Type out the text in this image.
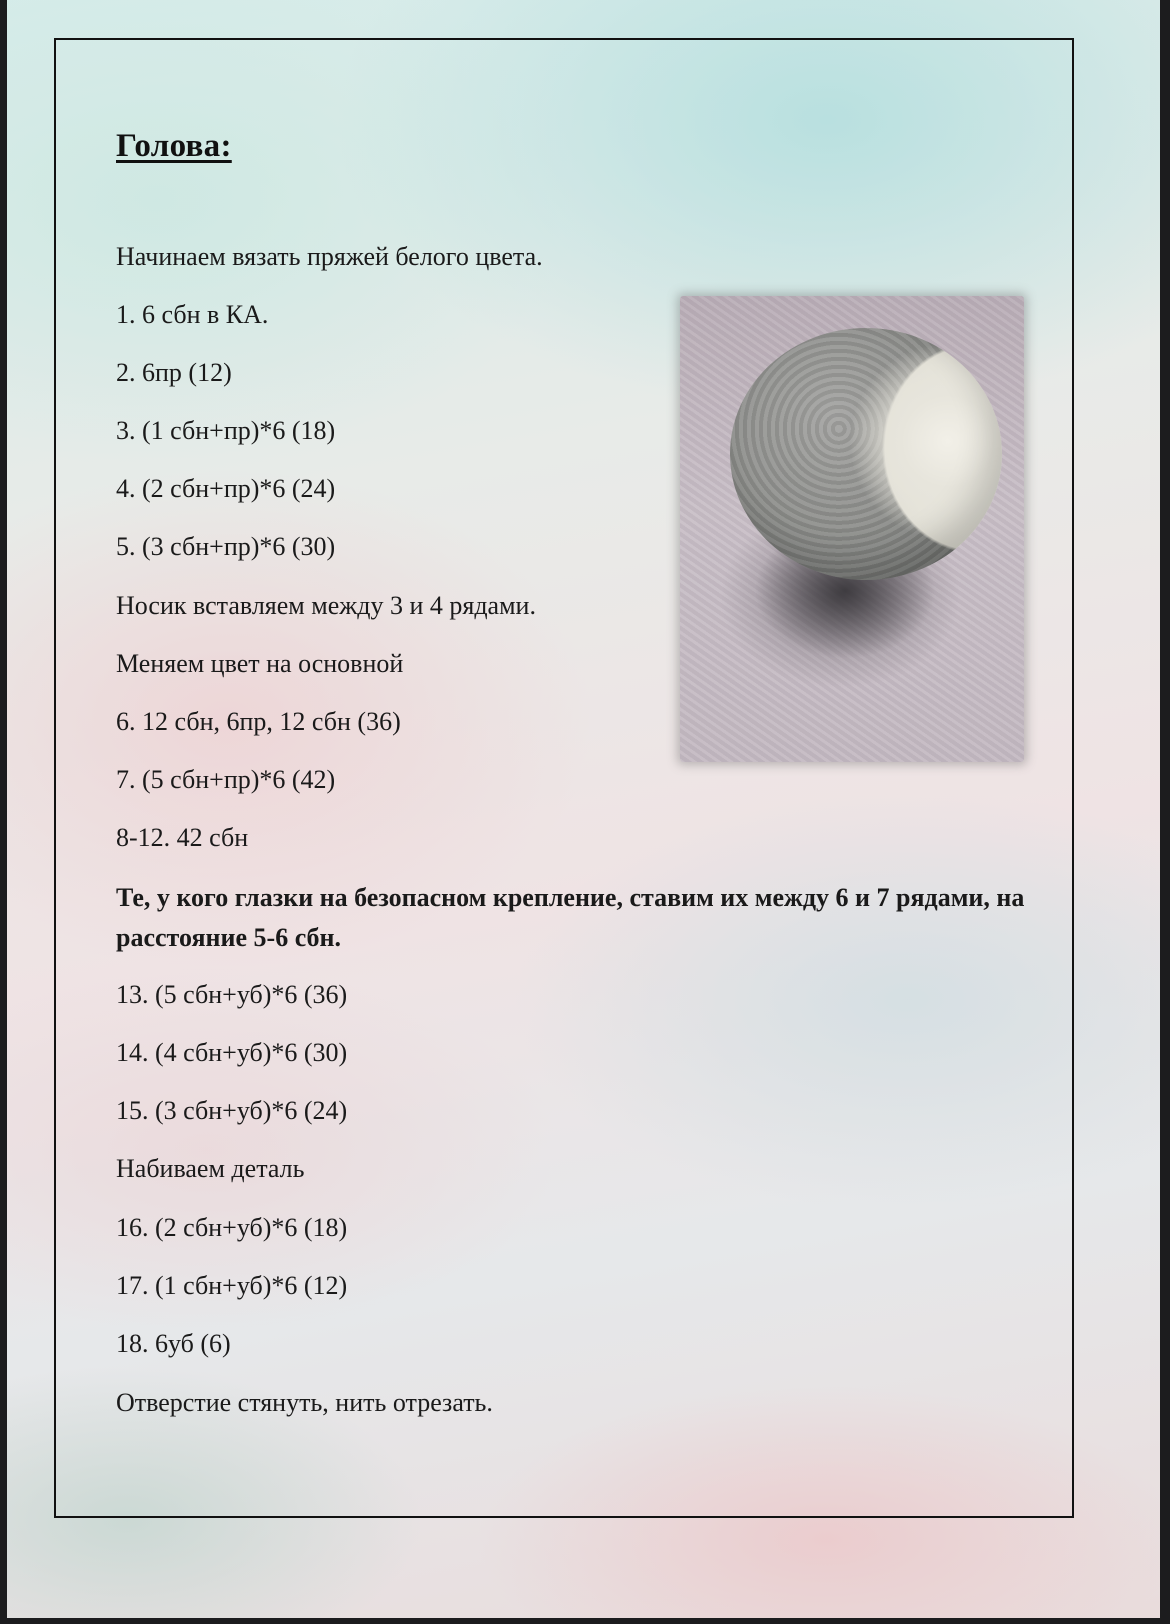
Голова:
Начинаем вязать пряжей белого цвета.
1. 6 сбн в КА.
2. 6пр (12)
3. (1 сбн+пр)*6 (18)
4. (2 сбн+пр)*6 (24)
5. (3 сбн+пр)*6 (30)
Носик вставляем между 3 и 4 рядами.
Меняем цвет на основной
6. 12 сбн, 6пр, 12 сбн (36)
7. (5 сбн+пр)*6 (42)
8-12. 42 сбн
Те, у кого глазки на безопасном крепление, ставим их между 6 и 7 рядами, на расстояние 5-6 сбн.
13. (5 сбн+уб)*6 (36)
14. (4 сбн+уб)*6 (30)
15. (3 сбн+уб)*6 (24)
Набиваем деталь
16. (2 сбн+уб)*6 (18)
17. (1 сбн+уб)*6 (12)
18. 6уб (6)
Отверстие стянуть, нить отрезать.
